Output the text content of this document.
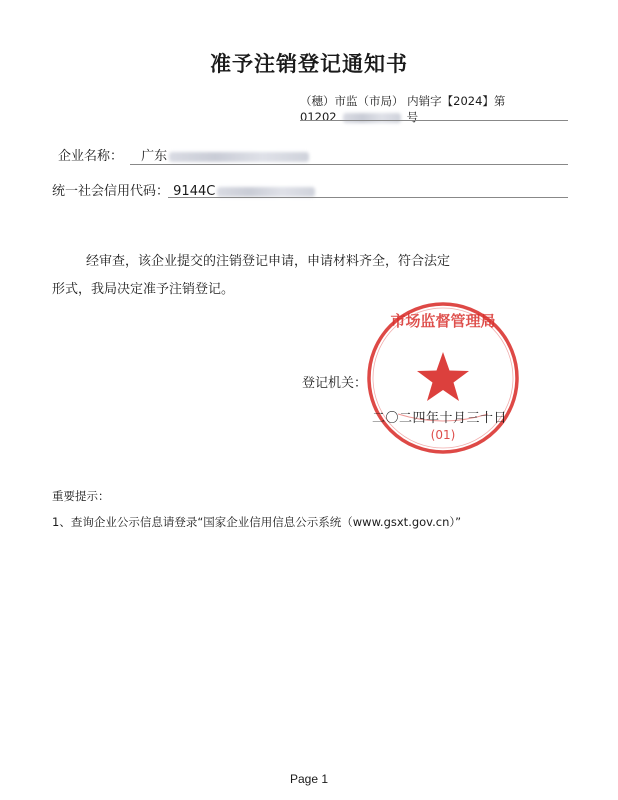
准予注销登记通知书
（穗）市监（市局） 内销字【2024】第
01202	号
企业名称： 广东
统一社会信用代码： 9144C
经审查，该企业提交的注销登记申请，申请材料齐全，符合法定
形式，我局决定准予注销登记。
登记机关：
市场监督管理局
(01)
二〇二四年十月三十日
重要提示：
1、查询企业公示信息请登录“国家企业信用信息公示系统（www.gsxt.gov.cn）”
Page 1
